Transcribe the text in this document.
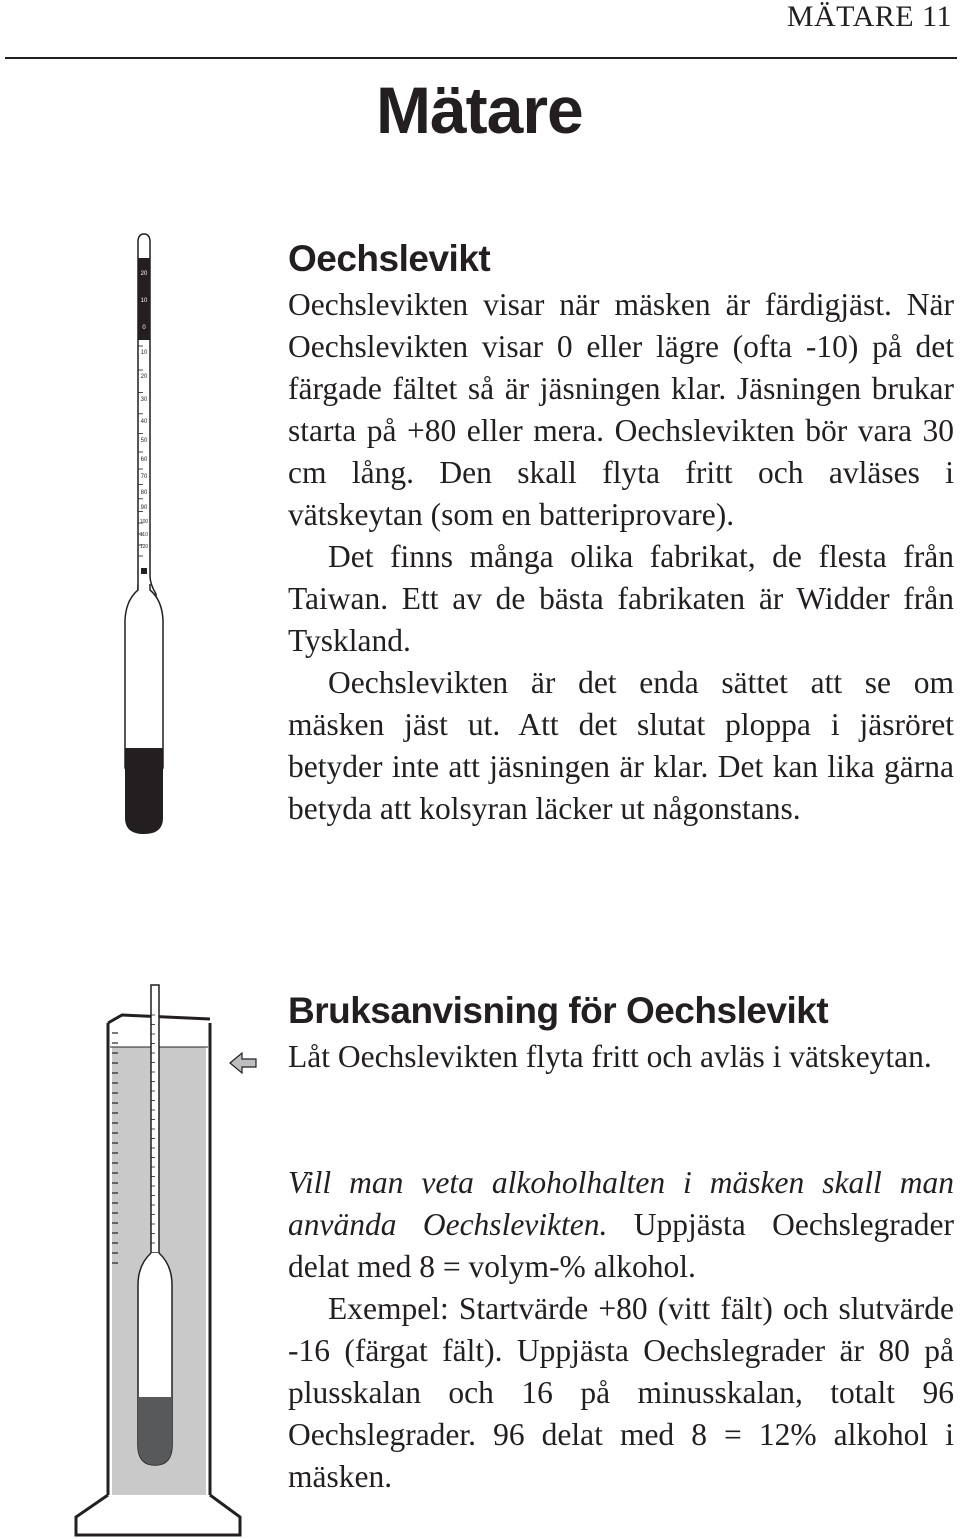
MÄTARE 11
Mätare
20
10
0
10
20
30
40
50
60
70
80
90
100
110
120
Oechslevikt

Oechslevikten visar när mäsken är färdigjäst. När Oechslevikten visar 0 eller lägre (ofta -10) på det färgade fältet så är jäsningen klar. Jäsningen brukar starta på +80 eller mera. Oechslevikten bör vara 30 cm lång. Den skall flyta fritt och avläses i vätskeytan (som en batteriprovare).

Det finns många olika fabrikat, de flesta från Taiwan. Ett av de bästa fabrikaten är Widder från Tyskland.

Oechslevikten är det enda sättet att se om mäsken jäst ut. Att det slutat ploppa i jäsröret betyder inte att jäsningen är klar. Det kan lika gärna betyda att kolsyran läcker ut någonstans.

Bruksanvisning för Oechslevikt

Låt Oechslevikten flyta fritt och avläs i vätskeytan.

Vill man veta alkoholhalten i mäsken skall man använda Oechslevikten. Uppjästa Oechslegrader delat med 8 = volym-% alkohol.

Exempel: Startvärde +80 (vitt fält) och slutvärde -16 (färgat fält). Uppjästa Oechslegrader är 80 på plusskalan och 16 på minusskalan, totalt 96 Oechslegrader. 96 delat med 8 = 12% alkohol i mäsken.
